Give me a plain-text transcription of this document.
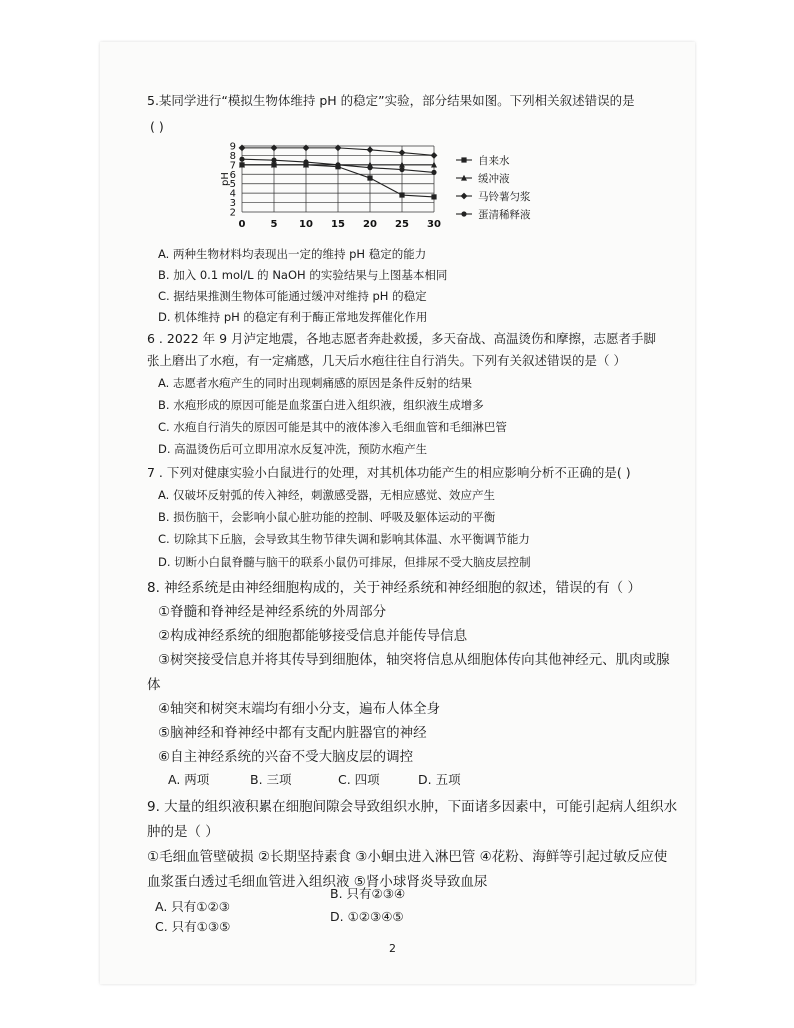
5.某同学进行“模拟生物体维持 pH 的稳定”实验，部分结果如图。下列相关叙述错误的是
( )
2
3
4
5
6
7
8
9
0	5 10 15 20 25 30
pH
自来水
缓冲液
马铃薯匀浆
蛋清稀释液
A. 两种生物材料均表现出一定的维持 pH 稳定的能力
B. 加入 0.1 mol/L 的 NaOH 的实验结果与上图基本相同
C. 据结果推测生物体可能通过缓冲对维持 pH 的稳定
D. 机体维持 pH 的稳定有利于酶正常地发挥催化作用
6 . 2022 年 9 月泸定地震，各地志愿者奔赴救援，多天奋战、高温烫伤和摩擦，志愿者手脚
张上磨出了水疱，有一定痛感，几天后水疱往往自行消失。下列有关叙述错误的是（ ）
A. 志愿者水疱产生的同时出现刺痛感的原因是条件反射的结果
B. 水疱形成的原因可能是血浆蛋白进入组织液，组织液生成增多
C. 水疱自行消失的原因可能是其中的液体渗入毛细血管和毛细淋巴管
D. 高温烫伤后可立即用凉水反复冲洗，预防水疱产生
7 . 下列对健康实验小白鼠进行的处理，对其机体功能产生的相应影响分析不正确的是( )
A. 仅破坏反射弧的传入神经，刺激感受器，无相应感觉、效应产生
B. 损伤脑干，会影响小鼠心脏功能的控制、呼吸及躯体运动的平衡
C. 切除其下丘脑，会导致其生物节律失调和影响其体温、水平衡调节能力
D. 切断小白鼠脊髓与脑干的联系小鼠仍可排尿，但排尿不受大脑皮层控制
8. 神经系统是由神经细胞构成的，关于神经系统和神经细胞的叙述，错误的有（ ）
①脊髓和脊神经是神经系统的外周部分
②构成神经系统的细胞都能够接受信息并能传导信息
③树突接受信息并将其传导到细胞体，轴突将信息从细胞体传向其他神经元、肌肉或腺
体
④轴突和树突末端均有细小分支，遍布人体全身
⑤脑神经和脊神经中都有支配内脏器官的神经
⑥自主神经系统的兴奋不受大脑皮层的调控
A. 两项	B. 三项	C. 四项	D. 五项
9. 大量的组织液积累在细胞间隙会导致组织水肿，下面诸多因素中，可能引起病人组织水
肿的是（ ）
①毛细血管壁破损 ②长期坚持素食 ③小蛔虫进入淋巴管 ④花粉、海鲜等引起过敏反应使
血浆蛋白透过毛细血管进入组织液 ⑤肾小球肾炎导致血尿
A. 只有①②③
B. 只有②③④
C. 只有①③⑤
D. ①②③④⑤
2
